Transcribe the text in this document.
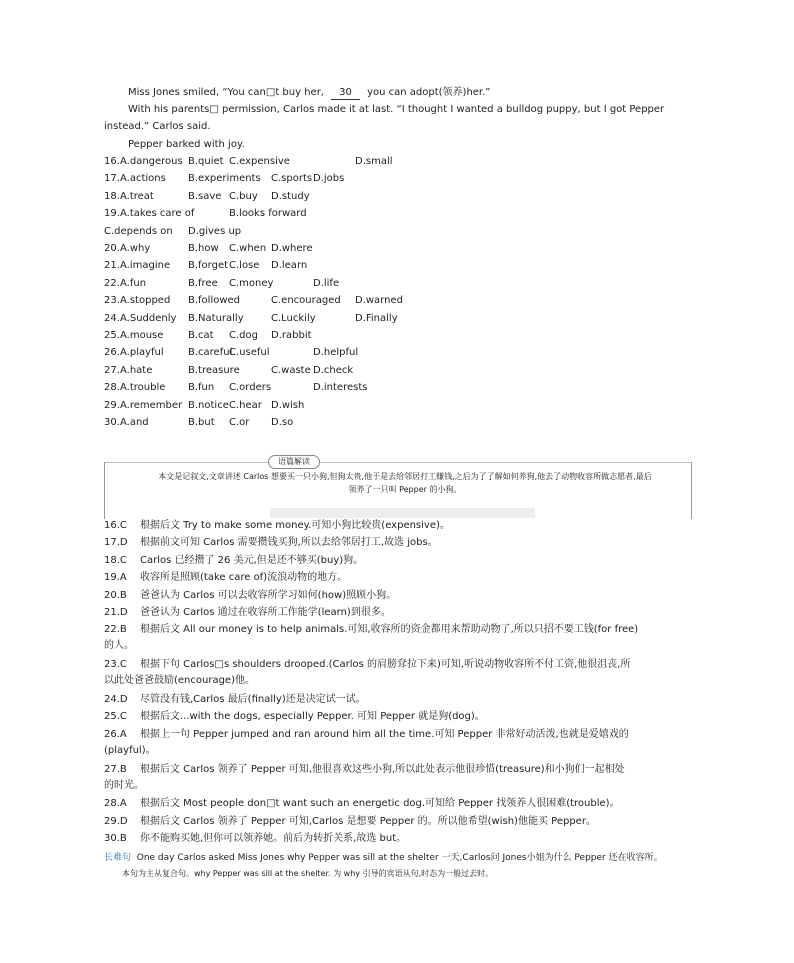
Miss Jones smiled, “You can□t buy her, 30 you can adopt(领养)her.”
With his parents□ permission, Carlos made it at last. “I thought I wanted a bulldog puppy, but I got Pepper
instead.” Carlos said.
Pepper barked with joy.
16. A.dangerous B.quiet C.expensive	D.small
17. A.actions B.experiments C.sports D.jobs
18. A.treat	B.save C.buy D.study
19. A.takes care of	B.looks forward
C.depends on D.gives up
20. A.why	B.how C.when D.where
21. A.imagine B.forget C.lose D.learn
22. A.fun	B.free C.money	D.life
23. A.stopped B.followed	C.encouraged D.warned
24. A.Suddenly B.Naturally	C.Luckily	D.Finally
25. A.mouse B.cat C.dog D.rabbit
26. A.playful B.careful
C.useful	D.helpful
27. A.hate	B.treasure	C.waste D.check
28. A.trouble B.fun C.orders	D.interests
29. A.remember B.notice C.hear D.wish
30. A.and	B.but C.or D.so
语篇解读
本文是记叙文,文章讲述 Carlos 想要买一只小狗,但狗太贵,他于是去给邻居打工赚钱,之后为了了解如何养狗,他去了动物收容所做志愿者,最后
领养了一只叫 Pepper 的小狗。
16.C 根据后文 Try to make some money.可知小狗比较贵(expensive)。
17.D 根据前文可知 Carlos 需要攒钱买狗,所以去给邻居打工,故选 jobs。
18.C Carlos 已经攒了 26 美元,但是还不够买(buy)狗。
19.A 收容所是照顾(take care of)流浪动物的地方。
20.B 爸爸认为 Carlos 可以去收容所学习如何(how)照顾小狗。
21.D 爸爸认为 Carlos 通过在收容所工作能学(learn)到很多。
22.B 根据后文 All our money is to help animals.可知,收容所的资金都用来帮助动物了,所以只招不要工钱(for free)
的人。
23.C 根据下句 Carlos□s shoulders drooped.(Carlos 的肩膀耷拉下来)可知,听说动物收容所不付工资,他很沮丧,所
以此处爸爸鼓励(encourage)他。
24.D 尽管没有钱,Carlos 最后(finally)还是决定试一试。
25.C 根据后文...with the dogs, especially Pepper. 可知 Pepper 就是狗(dog)。
26.A 根据上一句 Pepper jumped and ran around him all the time.可知 Pepper 非常好动活泼,也就是爱嬉戏的
(playful)。
27.B 根据后文 Carlos 领养了 Pepper 可知,他很喜欢这些小狗,所以此处表示他很珍惜(treasure)和小狗们一起相处
的时光。
28.A 根据后文 Most people don□t want such an energetic dog.可知给 Pepper 找领养人很困难(trouble)。
29.D 根据后文 Carlos 领养了 Pepper 可知,Carlos 是想要 Pepper 的。所以他希望(wish)他能买 Pepper。
30.B 你不能购买她,但你可以领养她。前后为转折关系,故选 but。
长难句 One day Carlos asked Miss Jones why Pepper was sill at the shelter 一天,Carlos问 Jones小姐为什么 Pepper 还在收容所。
本句为主从复合句。why Pepper was sill at the shelter. 为 why 引导的宾语从句,时态为一般过去时。
